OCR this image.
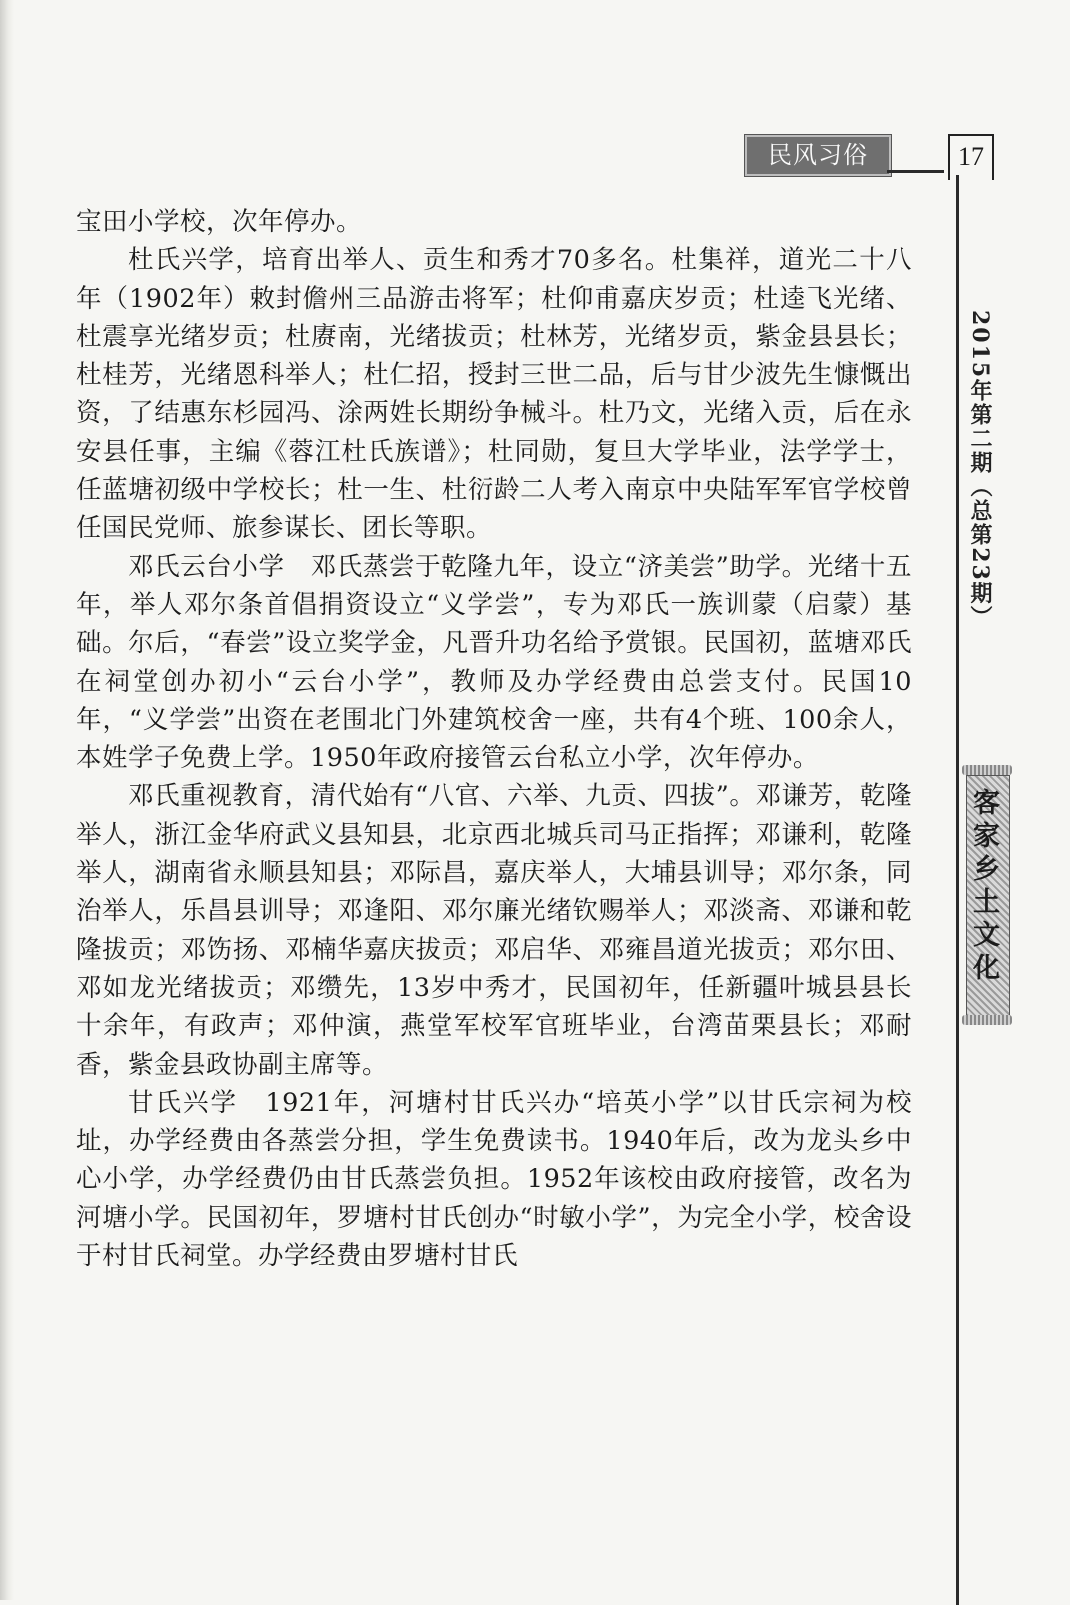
民风习俗	17
2015年第二期（总第23期）
客家乡土文化

宝田小学校，次年停办。

杜氏兴学，培育出举人、贡生和秀才70多名。杜集祥，道光二十八年（1902年）敕封儋州三品游击将军；杜仰甫嘉庆岁贡；杜逵飞光绪、杜震享光绪岁贡；杜赓南，光绪拔贡；杜林芳，光绪岁贡，紫金县县长；杜桂芳，光绪恩科举人；杜仁招，授封三世二品，后与甘少波先生慷慨出资，了结惠东杉园冯、涂两姓长期纷争械斗。杜乃文，光绪入贡，后在永安县任事，主编《蓉江杜氏族谱》；杜同勋，复旦大学毕业，法学学士，任蓝塘初级中学校长；杜一生、杜衍龄二人考入南京中央陆军军官学校曾任国民党师、旅参谋长、团长等职。

邓氏云台小学　邓氏蒸尝于乾隆九年，设立“济美尝”助学。光绪十五年，举人邓尔条首倡捐资设立“义学尝”，专为邓氏一族训蒙（启蒙）基础。尔后，“春尝”设立奖学金，凡晋升功名给予赏银。民国初，蓝塘邓氏在祠堂创办初小“云台小学”，教师及办学经费由总尝支付。民国10年，“义学尝”出资在老围北门外建筑校舍一座，共有4个班、100余人，本姓学子免费上学。1950年政府接管云台私立小学，次年停办。

邓氏重视教育，清代始有“八官、六举、九贡、四拔”。邓谦芳，乾隆举人，浙江金华府武义县知县，北京西北城兵司马正指挥；邓谦利，乾隆举人，湖南省永顺县知县；邓际昌，嘉庆举人，大埔县训导；邓尔条，同治举人，乐昌县训导；邓逢阳、邓尔廉光绪钦赐举人；邓淡斋、邓谦和乾隆拔贡；邓饬扬、邓楠华嘉庆拔贡；邓启华、邓雍昌道光拔贡；邓尔田、邓如龙光绪拔贡；邓缵先，13岁中秀才，民国初年，任新疆叶城县县长十余年，有政声；邓仲演，燕堂军校军官班毕业，台湾苗栗县长；邓耐香，紫金县政协副主席等。

甘氏兴学　1921年，河塘村甘氏兴办“培英小学”以甘氏宗祠为校址，办学经费由各蒸尝分担，学生免费读书。1940年后，改为龙头乡中心小学，办学经费仍由甘氏蒸尝负担。1952年该校由政府接管，改名为河塘小学。民国初年，罗塘村甘氏创办“时敏小学”，为完全小学，校舍设于村甘氏祠堂。办学经费由罗塘村甘氏
